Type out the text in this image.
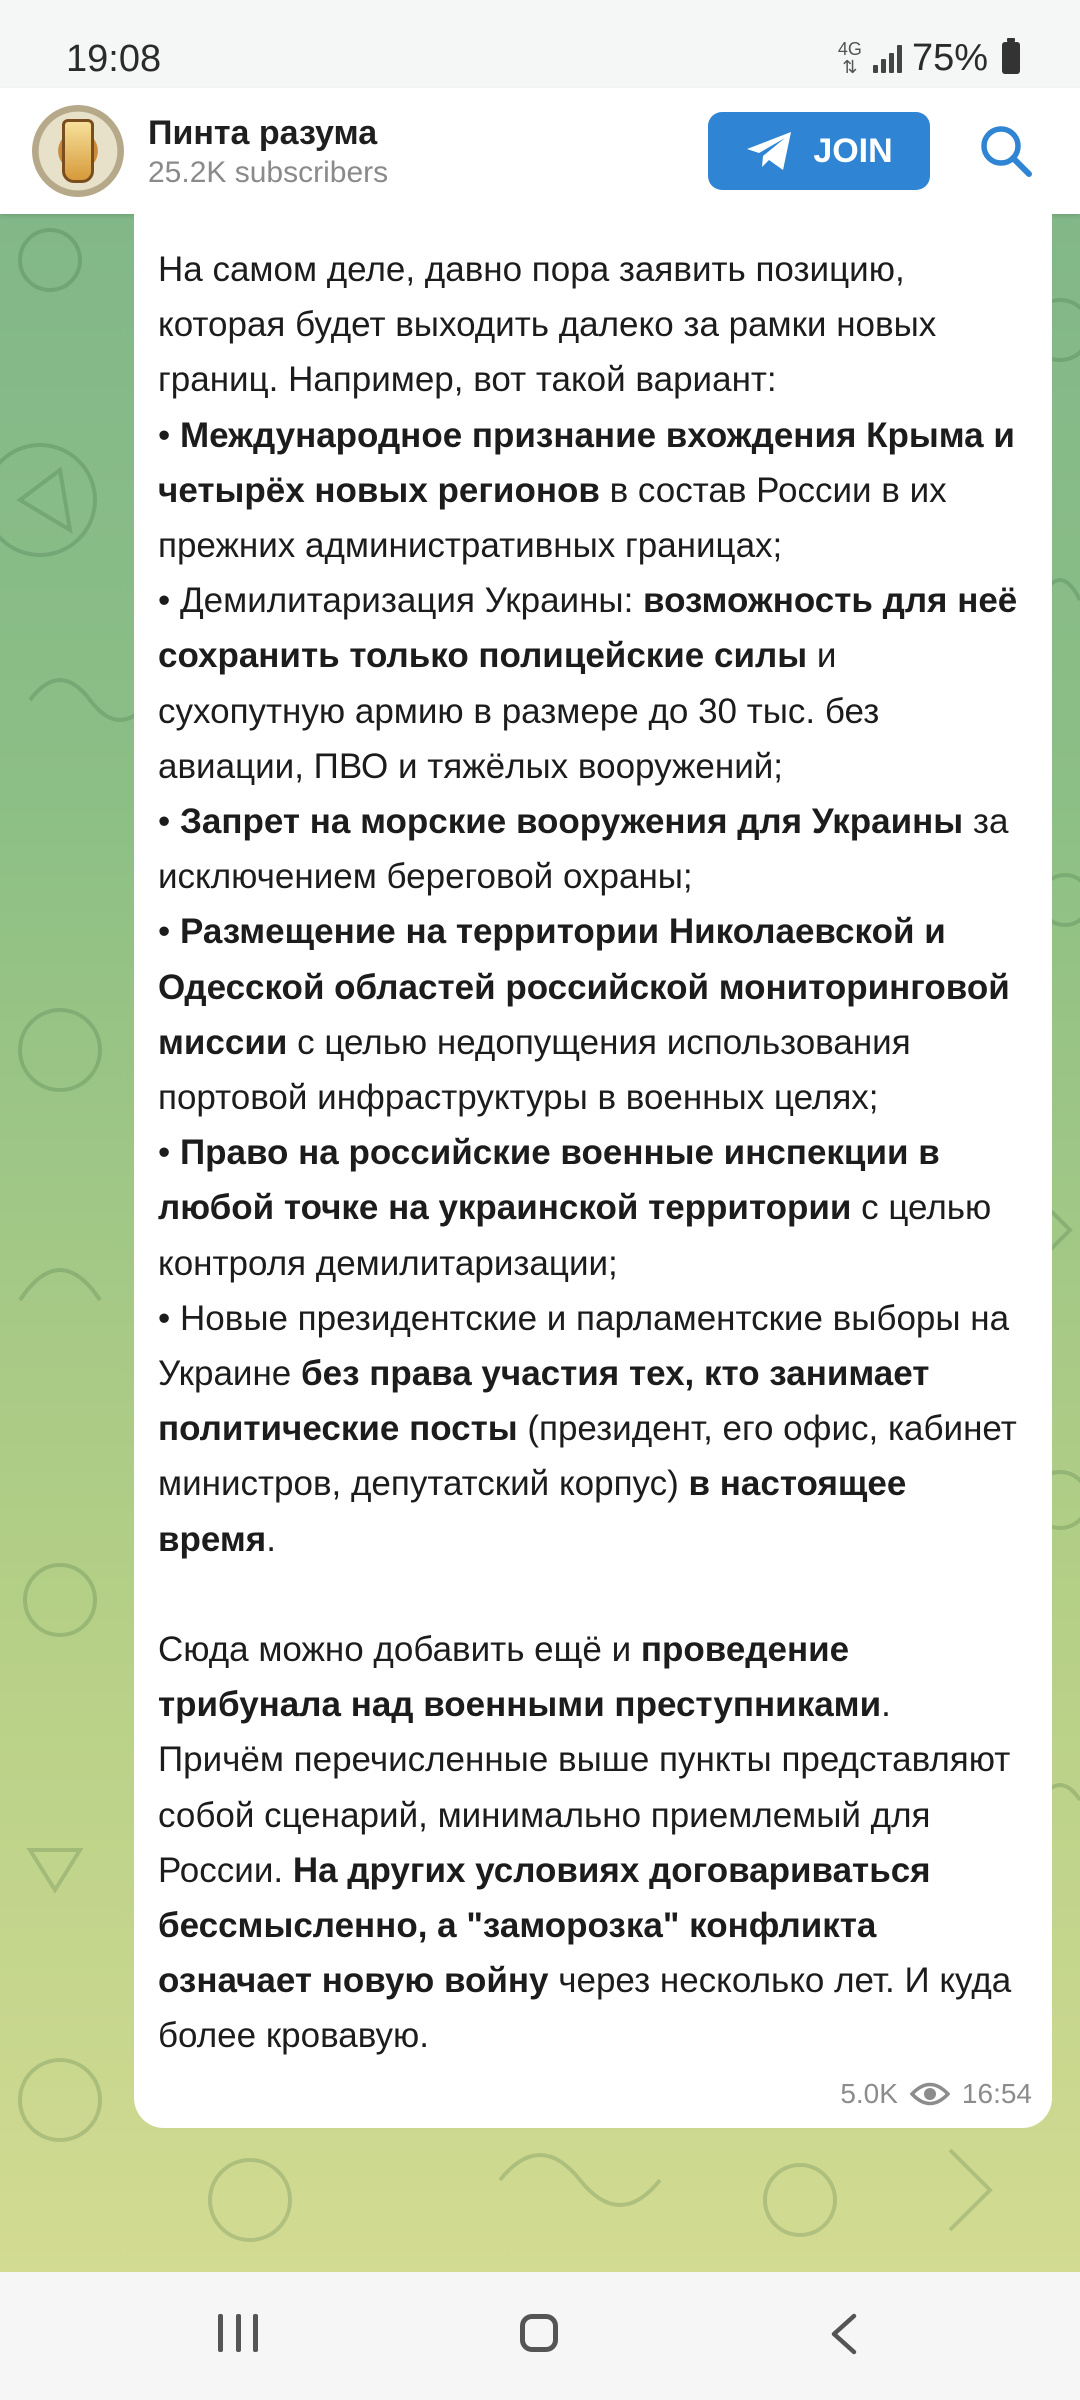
19:08	4G
⇅ 75%
Пинта разума
25.2K subscribers
JOIN

На самом деле, давно пора заявить позицию, которая будет выходить далеко за рамки новых границ. Например, вот такой вариант:

• Международное признание вхождения Крыма и четырёх новых регионов в состав России в их прежних административных границах;

• Демилитаризация Украины: возможность для неё сохранить только полицейские силы и сухопутную армию в размере до 30 тыс. без авиации, ПВО и тяжёлых вооружений;

• Запрет на морские вооружения для Украины за исключением береговой охраны;

• Размещение на территории Николаевской и Одесской областей российской мониторинговой миссии с целью недопущения использования портовой инфраструктуры в военных целях;

• Право на российские военные инспекции в любой точке на украинской территории с целью контроля демилитаризации;

• Новые президентские и парламентские выборы на Украине без права участия тех, кто занимает политические посты (президент, его офис, кабинет министров, депутатский корпус) в настоящее время.

Сюда можно добавить ещё и проведение трибунала над военными преступниками. Причём перечисленные выше пункты представляют собой сценарий, минимально приемлемый для России. На других условиях договариваться бессмысленно, а "заморозка" конфликта означает новую войну через несколько лет. И куда более кровавую.

5.0K 16:54
